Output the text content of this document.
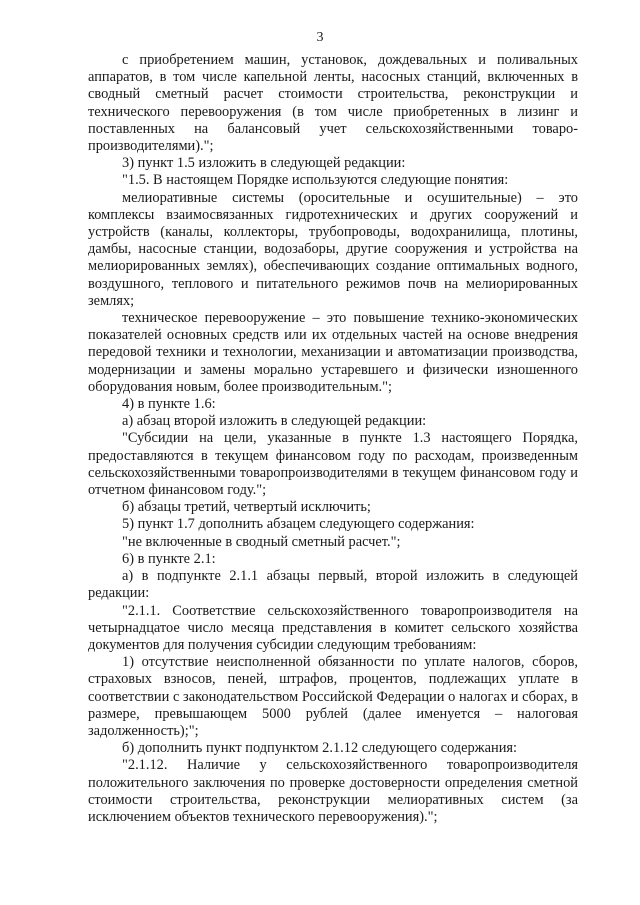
3

с приобретением машин, установок, дождевальных и поливальных аппаратов, в том числе капельной ленты, насосных станций, включенных в сводный сметный расчет стоимости строительства, реконструкции и технического перевооружения (в том числе приобретенных в лизинг и поставленных на балансовый учет сельскохозяйственными товаро-производителями).";

3) пункт 1.5 изложить в следующей редакции:

"1.5. В настоящем Порядке используются следующие понятия:

мелиоративные системы (оросительные и осушительные) – это комплексы взаимосвязанных гидротехнических и других сооружений и устройств (каналы, коллекторы, трубопроводы, водохранилища, плотины, дамбы, насосные станции, водозаборы, другие сооружения и устройства на мелиорированных землях), обеспечивающих создание оптимальных водного, воздушного, теплового и питательного режимов почв на мелиорированных землях;

техническое перевооружение – это повышение технико-экономических показателей основных средств или их отдельных частей на основе внедрения передовой техники и технологии, механизации и автоматизации производства, модернизации и замены морально устаревшего и физически изношенного оборудования новым, более производительным.";

4) в пункте 1.6:

а) абзац второй изложить в следующей редакции:

"Субсидии на цели, указанные в пункте 1.3 настоящего Порядка, предоставляются в текущем финансовом году по расходам, произведенным сельскохозяйственными товаропроизводителями в текущем финансовом году и отчетном финансовом году.";

б) абзацы третий, четвертый исключить;

5) пункт 1.7 дополнить абзацем следующего содержания:

"не включенные в сводный сметный расчет.";

6) в пункте 2.1:

а) в подпункте 2.1.1 абзацы первый, второй изложить в следующей редакции:

"2.1.1. Соответствие сельскохозяйственного товаропроизводителя на четырнадцатое число месяца представления в комитет сельского хозяйства документов для получения субсидии следующим требованиям:

1) отсутствие неисполненной обязанности по уплате налогов, сборов, страховых взносов, пеней, штрафов, процентов, подлежащих уплате в соответствии с законодательством Российской Федерации о налогах и сборах, в размере, превышающем 5000 рублей (далее именуется – налоговая задолженность);";

б) дополнить пункт подпунктом 2.1.12 следующего содержания:

"2.1.12. Наличие у сельскохозяйственного товаропроизводителя положительного заключения по проверке достоверности определения сметной стоимости строительства, реконструкции мелиоративных систем (за исключением объектов технического перевооружения).";
